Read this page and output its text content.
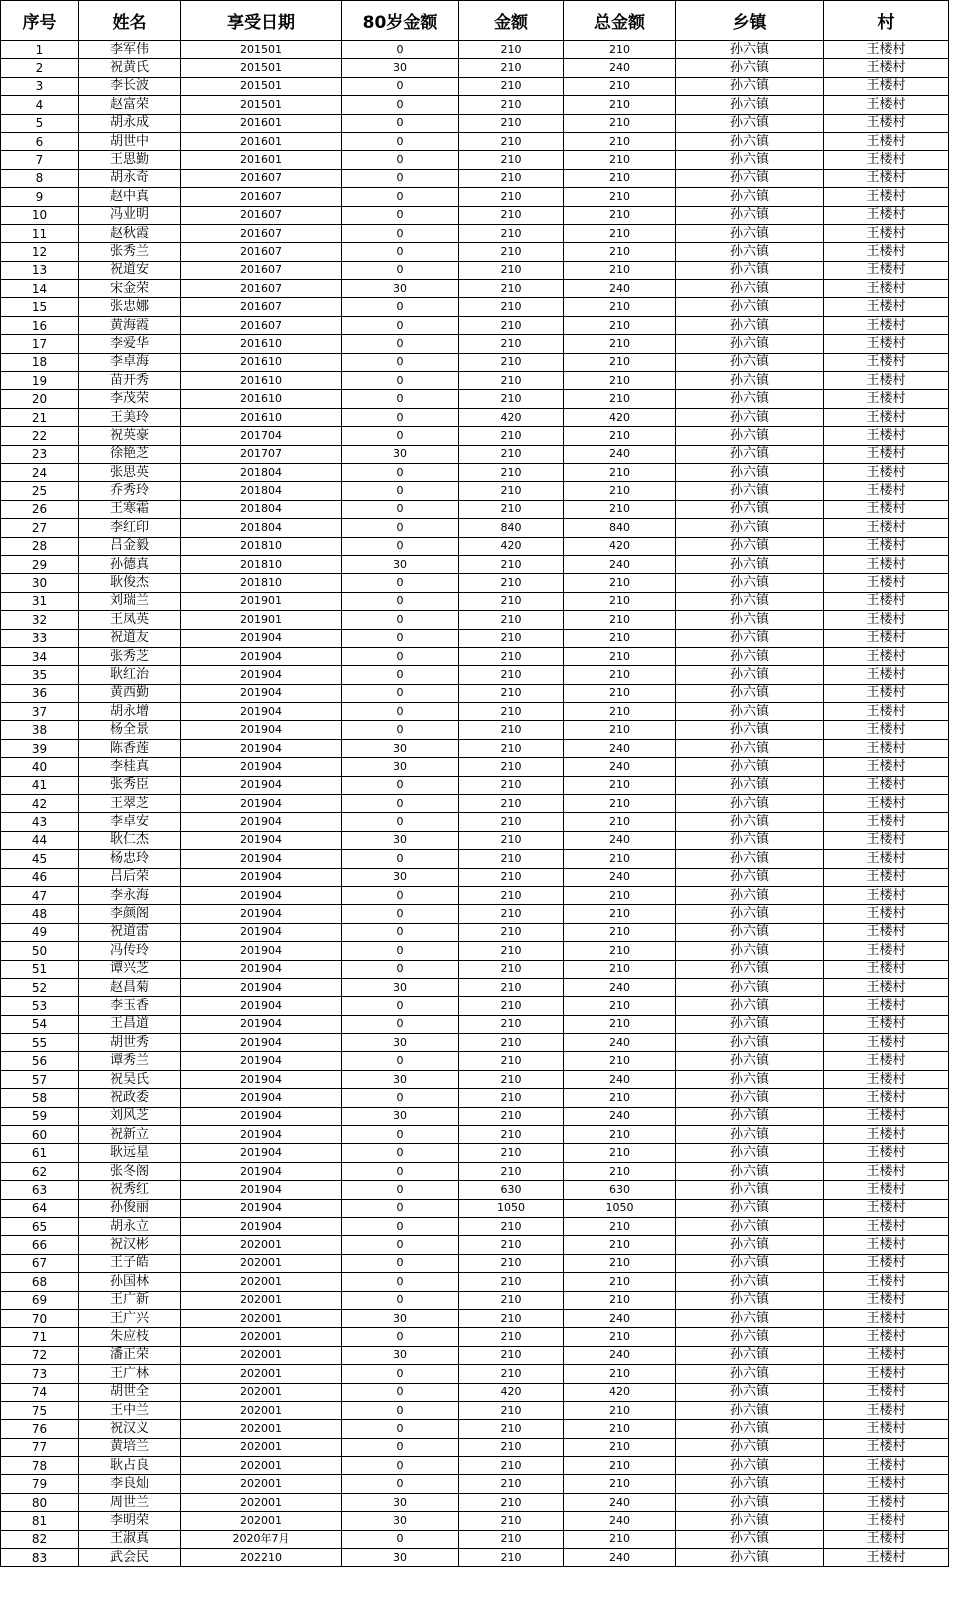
序号	姓名	享受日期	80岁金额	金额	总金额	乡镇	村
1	李军伟	201501	0	210	210	孙六镇	王楼村
2	祝黄氏	201501	30	210	240	孙六镇	王楼村
3	李长波	201501	0	210	210	孙六镇	王楼村
4	赵富荣	201501	0	210	210	孙六镇	王楼村
5	胡永成	201601	0	210	210	孙六镇	王楼村
6	胡世中	201601	0	210	210	孙六镇	王楼村
7	王思勤	201601	0	210	210	孙六镇	王楼村
8	胡永奇	201607	0	210	210	孙六镇	王楼村
9	赵中真	201607	0	210	210	孙六镇	王楼村
10	冯业明	201607	0	210	210	孙六镇	王楼村
11	赵秋霞	201607	0	210	210	孙六镇	王楼村
12	张秀兰	201607	0	210	210	孙六镇	王楼村
13	祝道安	201607	0	210	210	孙六镇	王楼村
14	宋金荣	201607	30	210	240	孙六镇	王楼村
15	张忠娜	201607	0	210	210	孙六镇	王楼村
16	黄海霞	201607	0	210	210	孙六镇	王楼村
17	李爱华	201610	0	210	210	孙六镇	王楼村
18	李卓海	201610	0	210	210	孙六镇	王楼村
19	苗开秀	201610	0	210	210	孙六镇	王楼村
20	李茂荣	201610	0	210	210	孙六镇	王楼村
21	王美玲	201610	0	420	420	孙六镇	王楼村
22	祝英豪	201704	0	210	210	孙六镇	王楼村
23	徐艳芝	201707	30	210	240	孙六镇	王楼村
24	张思英	201804	0	210	210	孙六镇	王楼村
25	乔秀玲	201804	0	210	210	孙六镇	王楼村
26	王寒霜	201804	0	210	210	孙六镇	王楼村
27	李红印	201804	0	840	840	孙六镇	王楼村
28	吕金毅	201810	0	420	420	孙六镇	王楼村
29	孙德真	201810	30	210	240	孙六镇	王楼村
30	耿俊杰	201810	0	210	210	孙六镇	王楼村
31	刘瑞兰	201901	0	210	210	孙六镇	王楼村
32	王凤英	201901	0	210	210	孙六镇	王楼村
33	祝道友	201904	0	210	210	孙六镇	王楼村
34	张秀芝	201904	0	210	210	孙六镇	王楼村
35	耿红治	201904	0	210	210	孙六镇	王楼村
36	黄西勤	201904	0	210	210	孙六镇	王楼村
37	胡永增	201904	0	210	210	孙六镇	王楼村
38	杨全景	201904	0	210	210	孙六镇	王楼村
39	陈香莲	201904	30	210	240	孙六镇	王楼村
40	李桂真	201904	30	210	240	孙六镇	王楼村
41	张秀臣	201904	0	210	210	孙六镇	王楼村
42	王翠芝	201904	0	210	210	孙六镇	王楼村
43	李卓安	201904	0	210	210	孙六镇	王楼村
44	耿仁杰	201904	30	210	240	孙六镇	王楼村
45	杨忠玲	201904	0	210	210	孙六镇	王楼村
46	吕后荣	201904	30	210	240	孙六镇	王楼村
47	李永海	201904	0	210	210	孙六镇	王楼村
48	李颜阁	201904	0	210	210	孙六镇	王楼村
49	祝道雷	201904	0	210	210	孙六镇	王楼村
50	冯传玲	201904	0	210	210	孙六镇	王楼村
51	谭兴芝	201904	0	210	210	孙六镇	王楼村
52	赵昌菊	201904	30	210	240	孙六镇	王楼村
53	李玉香	201904	0	210	210	孙六镇	王楼村
54	王昌道	201904	0	210	210	孙六镇	王楼村
55	胡世秀	201904	30	210	240	孙六镇	王楼村
56	谭秀兰	201904	0	210	210	孙六镇	王楼村
57	祝吴氏	201904	30	210	240	孙六镇	王楼村
58	祝政委	201904	0	210	210	孙六镇	王楼村
59	刘风芝	201904	30	210	240	孙六镇	王楼村
60	祝新立	201904	0	210	210	孙六镇	王楼村
61	耿远星	201904	0	210	210	孙六镇	王楼村
62	张冬阁	201904	0	210	210	孙六镇	王楼村
63	祝秀红	201904	0	630	630	孙六镇	王楼村
64	孙俊丽	201904	0	1050	1050	孙六镇	王楼村
65	胡永立	201904	0	210	210	孙六镇	王楼村
66	祝汉彬	202001	0	210	210	孙六镇	王楼村
67	王子皓	202001	0	210	210	孙六镇	王楼村
68	孙国林	202001	0	210	210	孙六镇	王楼村
69	王广新	202001	0	210	210	孙六镇	王楼村
70	王广兴	202001	30	210	240	孙六镇	王楼村
71	朱应枝	202001	0	210	210	孙六镇	王楼村
72	潘正荣	202001	30	210	240	孙六镇	王楼村
73	王广林	202001	0	210	210	孙六镇	王楼村
74	胡世全	202001	0	420	420	孙六镇	王楼村
75	王中兰	202001	0	210	210	孙六镇	王楼村
76	祝汉义	202001	0	210	210	孙六镇	王楼村
77	黄培兰	202001	0	210	210	孙六镇	王楼村
78	耿占良	202001	0	210	210	孙六镇	王楼村
79	李良灿	202001	0	210	210	孙六镇	王楼村
80	周世兰	202001	30	210	240	孙六镇	王楼村
81	李明荣	202001	30	210	240	孙六镇	王楼村
82	王淑真	2020年7月	0	210	210	孙六镇	王楼村
83	武会民	202210	30	210	240	孙六镇	王楼村
